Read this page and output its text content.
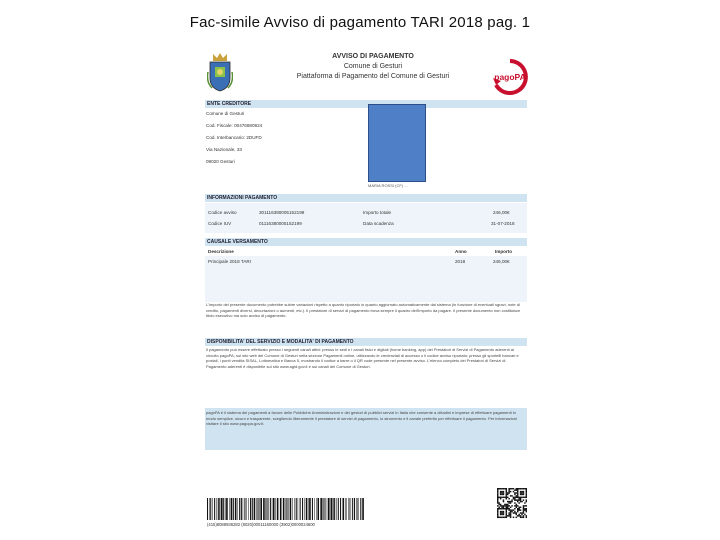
Fac-simile Avviso di pagamento TARI 2018 pag. 1
AVVISO DI PAGAMENTO
Comune di Gesturi
Piattaforma di Pagamento del Comune di Gesturi	pagoPA
ENTE CREDITORE
Comune di Gesturi
Cod. Fiscale: 00476880924
Cod. Interbancario: 2DUFD
Via Nazionale, 33
09020 Gesturi
MARIA ROSSI (CF) ...
INFORMAZIONI PAGAMENTO
Codice avviso	301116380005152199	Importo totale	246,00€
Codice IUV	01116380005152199	Data scadenza	31-07-2018
CAUSALE VERSAMENTO
Descrizione	Anno	Importo
Principale 2018 TARI	2018	246,00€
L'importo del presente documento potrebbe subire variazioni rispetto a quanto riportato in quanto aggiornato automaticamente dal sistema (in funzione di eventuali sgravi, note di credito, pagamenti diversi, decurtazioni o aumenti, etc.). Il prestatore di servizi di pagamento trova sempre il quadro dell'importo da pagare. Il presente documento non costituisce titolo esecutivo ma solo avviso di pagamento.
DISPONIBILITA' DEL SERVIZIO E MODALITA' DI PAGAMENTO
Il pagamento può essere effettuato presso i seguenti canali attivi: presso le sedi e i canali fisici e digitali (home banking, app) dei Prestatori di Servizi di Pagamento aderenti al circuito pagoPA; sul sito web del Comune di Gesturi nella sezione Pagamenti online, utilizzando le credenziali di accesso o il codice avviso riportato; presso gli sportelli bancari e postali, i punti vendita SISAL, Lottomatica e Banca 5, mostrando il codice a barre o il QR code presente nel presente avviso. L'elenco completo dei Prestatori di Servizi di Pagamento aderenti è disponibile sul sito www.agid.gov.it e sui canali del Comune di Gesturi.
pagoPA è il sistema dei pagamenti a favore delle Pubbliche Amministrazioni e dei gestori di pubblici servizi in Italia che consente a cittadini e imprese di effettuare pagamenti in modo semplice, sicuro e trasparente, scegliendo liberamente il prestatore di servizi di pagamento, lo strumento e il canale preferito per effettuare il pagamento. Per informazioni visitare il sito www.pagopa.gov.it.
(415)8088936282 (8020)00011160000 (3902)0000024600
